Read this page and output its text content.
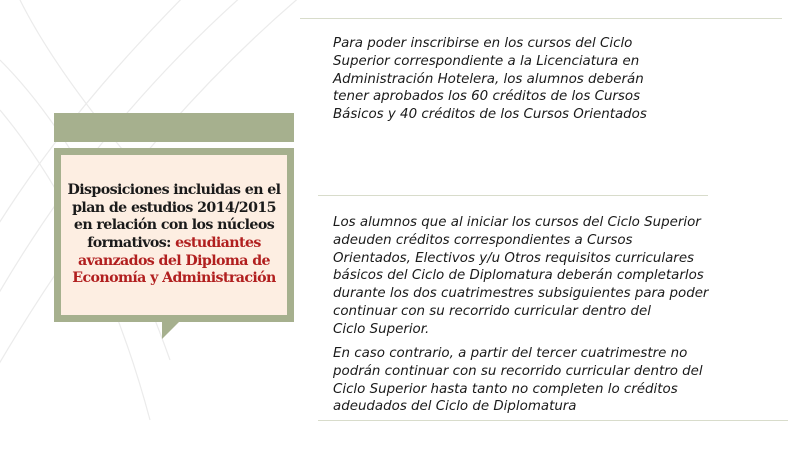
Disposiciones incluidas en el plan de estudios 2014/2015 en relación con los núcleos formativos: estudiantes avanzados del Diploma de Economía y Administración

Para poder inscribirse en los cursos del Ciclo
Superior correspondiente a la Licenciatura en
Administración Hotelera, los alumnos deberán
tener aprobados los 60 créditos de los Cursos
Básicos y 40 créditos de los Cursos Orientados

Los alumnos que al iniciar los cursos del Ciclo Superior
adeuden créditos correspondientes a Cursos
Orientados, Electivos y/u Otros requisitos curriculares
básicos del Ciclo de Diplomatura deberán completarlos
durante los dos cuatrimestres subsiguientes para poder
continuar con su recorrido curricular dentro del
Ciclo Superior.

En caso contrario, a partir del tercer cuatrimestre no
podrán continuar con su recorrido curricular dentro del
Ciclo Superior hasta tanto no completen lo créditos
adeudados del Ciclo de Diplomatura
